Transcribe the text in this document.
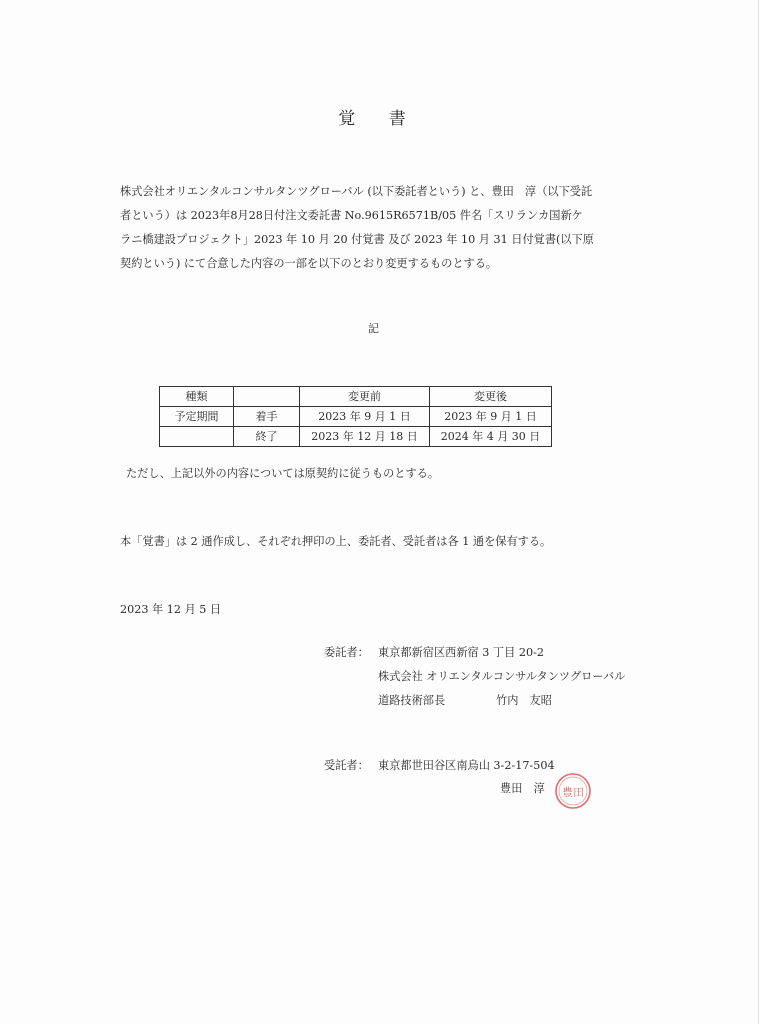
覚 書
株式会社オリエンタルコンサルタンツグローバル (以下委託者という) と、豊田　淳（以下受託
者という）は 2023年8月28日付注文委託書 No.9615R6571B/05 件名「スリランカ国新ケ
ラニ橋建設プロジェクト」2023 年 10 月 20 付覚書 及び 2023 年 10 月 31 日付覚書(以下原
契約という) にて合意した内容の一部を以下のとおり変更するものとする。
記
種類		変更前	変更後
予定期間	着手	2023 年 9 月 1 日	2023 年 9 月 1 日
	終了	2023 年 12 月 18 日	2024 年 4 月 30 日
ただし、上記以外の内容については原契約に従うものとする。
本「覚書」は 2 通作成し、それぞれ押印の上、委託者、受託者は各 1 通を保有する。
2023 年 12 月 5 日
委託者： 東京都新宿区西新宿 3 丁目 20-2
株式会社 オリエンタルコンサルタンツグローバル
道路技術部長	竹内　友昭
受託者： 東京都世田谷区南烏山 3-2-17-504
豊田　淳 豊田
